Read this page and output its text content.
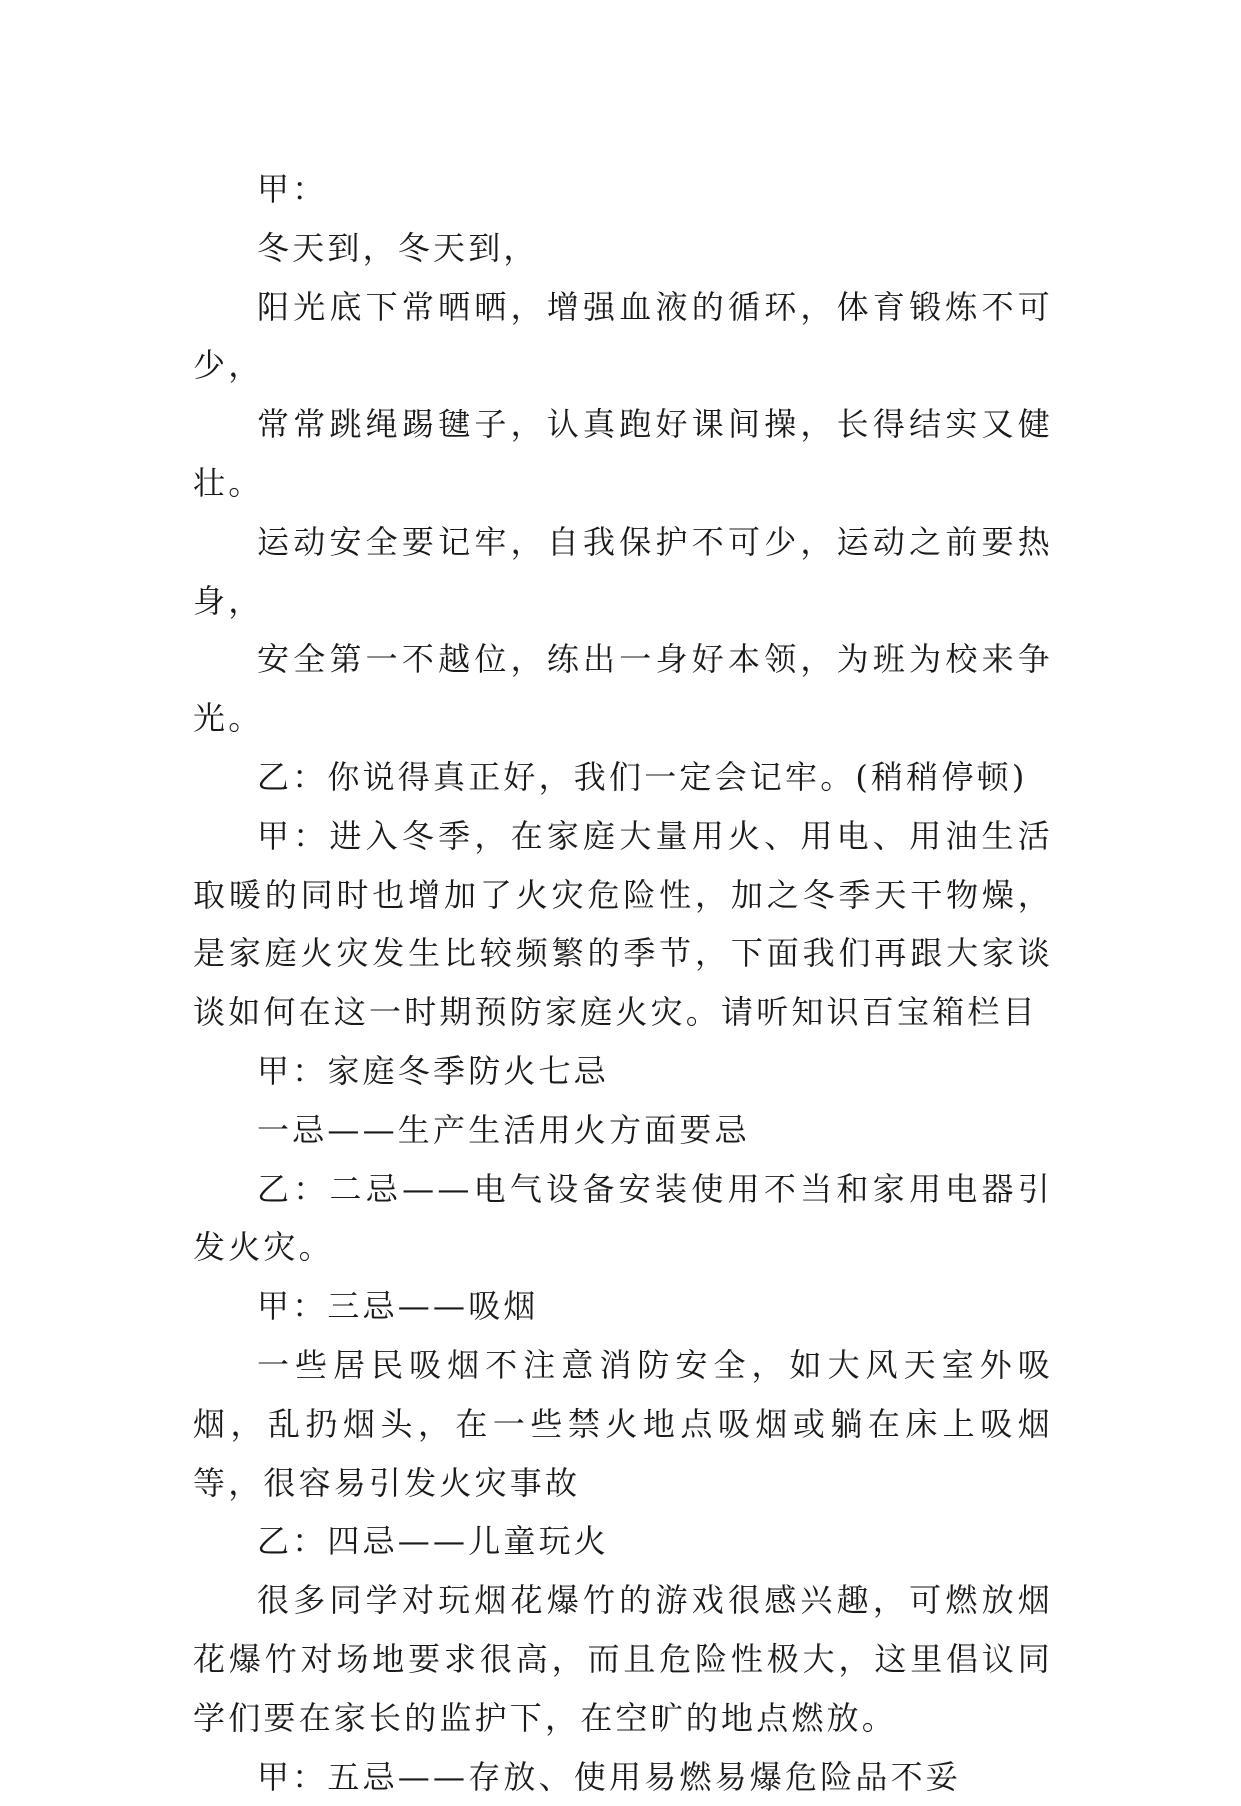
甲：

冬天到，冬天到，

阳光底下常晒晒，增强血液的循环，体育锻炼不可少，

常常跳绳踢毽子，认真跑好课间操，长得结实又健壮。

运动安全要记牢，自我保护不可少，运动之前要热身，

安全第一不越位，练出一身好本领，为班为校来争光。

乙：你说得真正好，我们一定会记牢。(稍稍停顿)

甲：进入冬季，在家庭大量用火、用电、用油生活取暖的同时也增加了火灾危险性，加之冬季天干物燥，是家庭火灾发生比较频繁的季节，下面我们再跟大家谈谈如何在这一时期预防家庭火灾。请听知识百宝箱栏目

甲：家庭冬季防火七忌

一忌——生产生活用火方面要忌

乙：二忌——电气设备安装使用不当和家用电器引发火灾。

甲：三忌——吸烟

一些居民吸烟不注意消防安全，如大风天室外吸烟，乱扔烟头，在一些禁火地点吸烟或躺在床上吸烟等，很容易引发火灾事故

乙：四忌——儿童玩火

很多同学对玩烟花爆竹的游戏很感兴趣，可燃放烟花爆竹对场地要求很高，而且危险性极大，这里倡议同学们要在家长的监护下，在空旷的地点燃放。

甲：五忌——存放、使用易燃易爆危险品不妥
